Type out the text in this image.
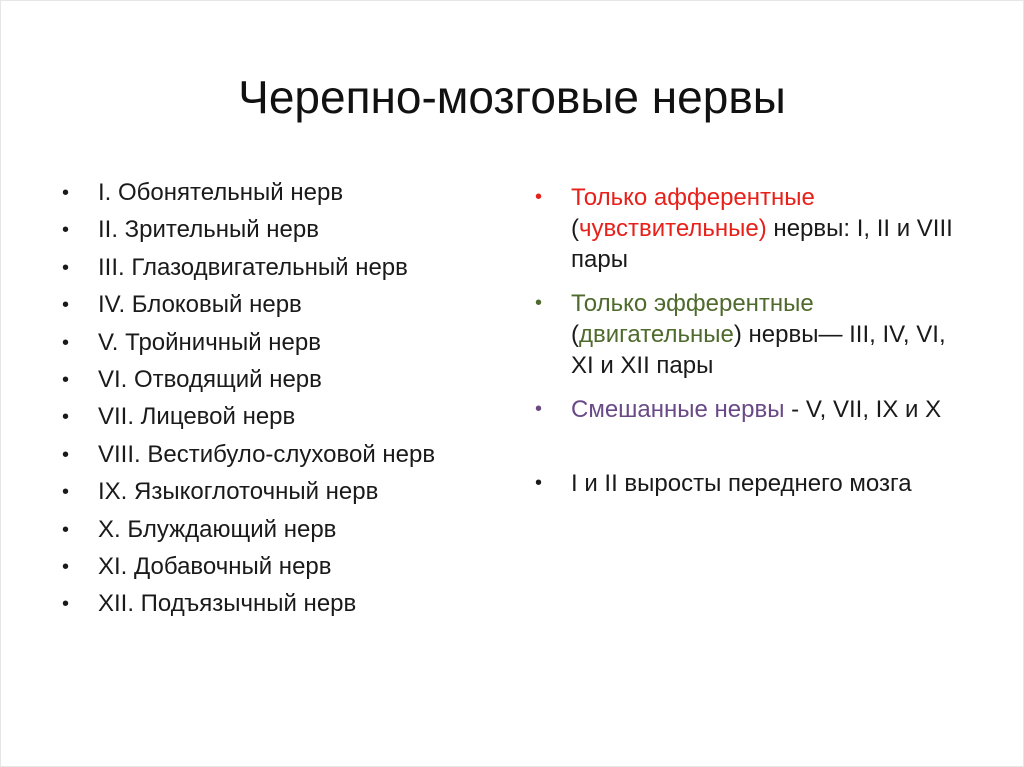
Черепно-мозговые нервы
• I. Обонятельный нерв
• II. Зрительный нерв
• III. Глазодвигательный нерв
• IV. Блоковый нерв
• V. Тройничный нерв
• VI. Отводящий нерв
• VII. Лицевой нерв
• VIII. Вестибуло-слуховой нерв
• IX. Языкоглоточный нерв
• X. Блуждающий нерв
• XI. Добавочный нерв
• XII. Подъязычный нерв
• Только афферентные
(чувствительные) нервы: I, II и VIII пары
• Только эфферентные
(двигательные) нервы— III, IV, VI, XI и XII пары
• Смешанные нервы - V, VII, IX и X
• I и II выросты переднего мозга
